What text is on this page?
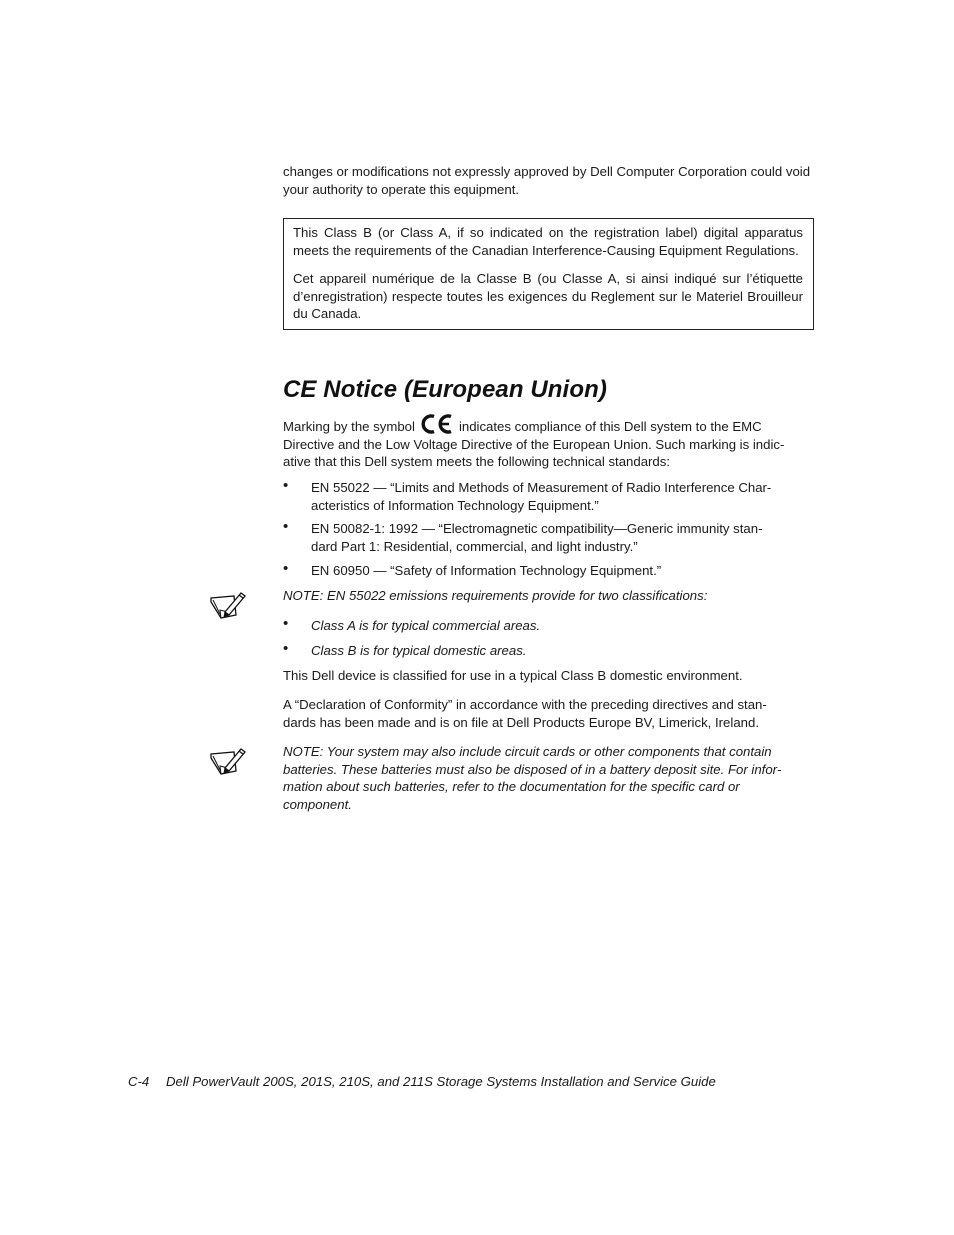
changes or modifications not expressly approved by Dell Computer Corporation could void your authority to operate this equipment.

This Class B (or Class A, if so indicated on the registration label) digital apparatus meets the requirements of the Canadian Interference-Causing Equipment Regulations.

Cet appareil numérique de la Classe B (ou Classe A, si ainsi indiqué sur l’étiquette d’enregistration) respecte toutes les exigences du Reglement sur le Materiel Brouilleur du Canada.

CE Notice (European Union)
Marking by the symbol	indicates compliance of this Dell system to the EMC
Directive and the Low Voltage Directive of the European Union. Such marking is indic-
ative that this Dell system meets the following technical standards:
• EN 55022 — “Limits and Methods of Measurement of Radio Interference Char-
acteristics of Information Technology Equipment.”
• EN 50082-1: 1992 — “Electromagnetic compatibility—Generic immunity stan-
dard Part 1: Residential, commercial, and light industry.”
• EN 60950 — “Safety of Information Technology Equipment.”
NOTE: EN 55022 emissions requirements provide for two classifications:
• Class A is for typical commercial areas.
• Class B is for typical domestic areas.
This Dell device is classified for use in a typical Class B domestic environment.
A “Declaration of Conformity” in accordance with the preceding directives and stan-
dards has been made and is on file at Dell Products Europe BV, Limerick, Ireland.
NOTE: Your system may also include circuit cards or other components that contain
batteries. These batteries must also be disposed of in a battery deposit site. For infor-
mation about such batteries, refer to the documentation for the specific card or
component.
C-4 Dell PowerVault 200S, 201S, 210S, and 211S Storage Systems Installation and Service Guide
